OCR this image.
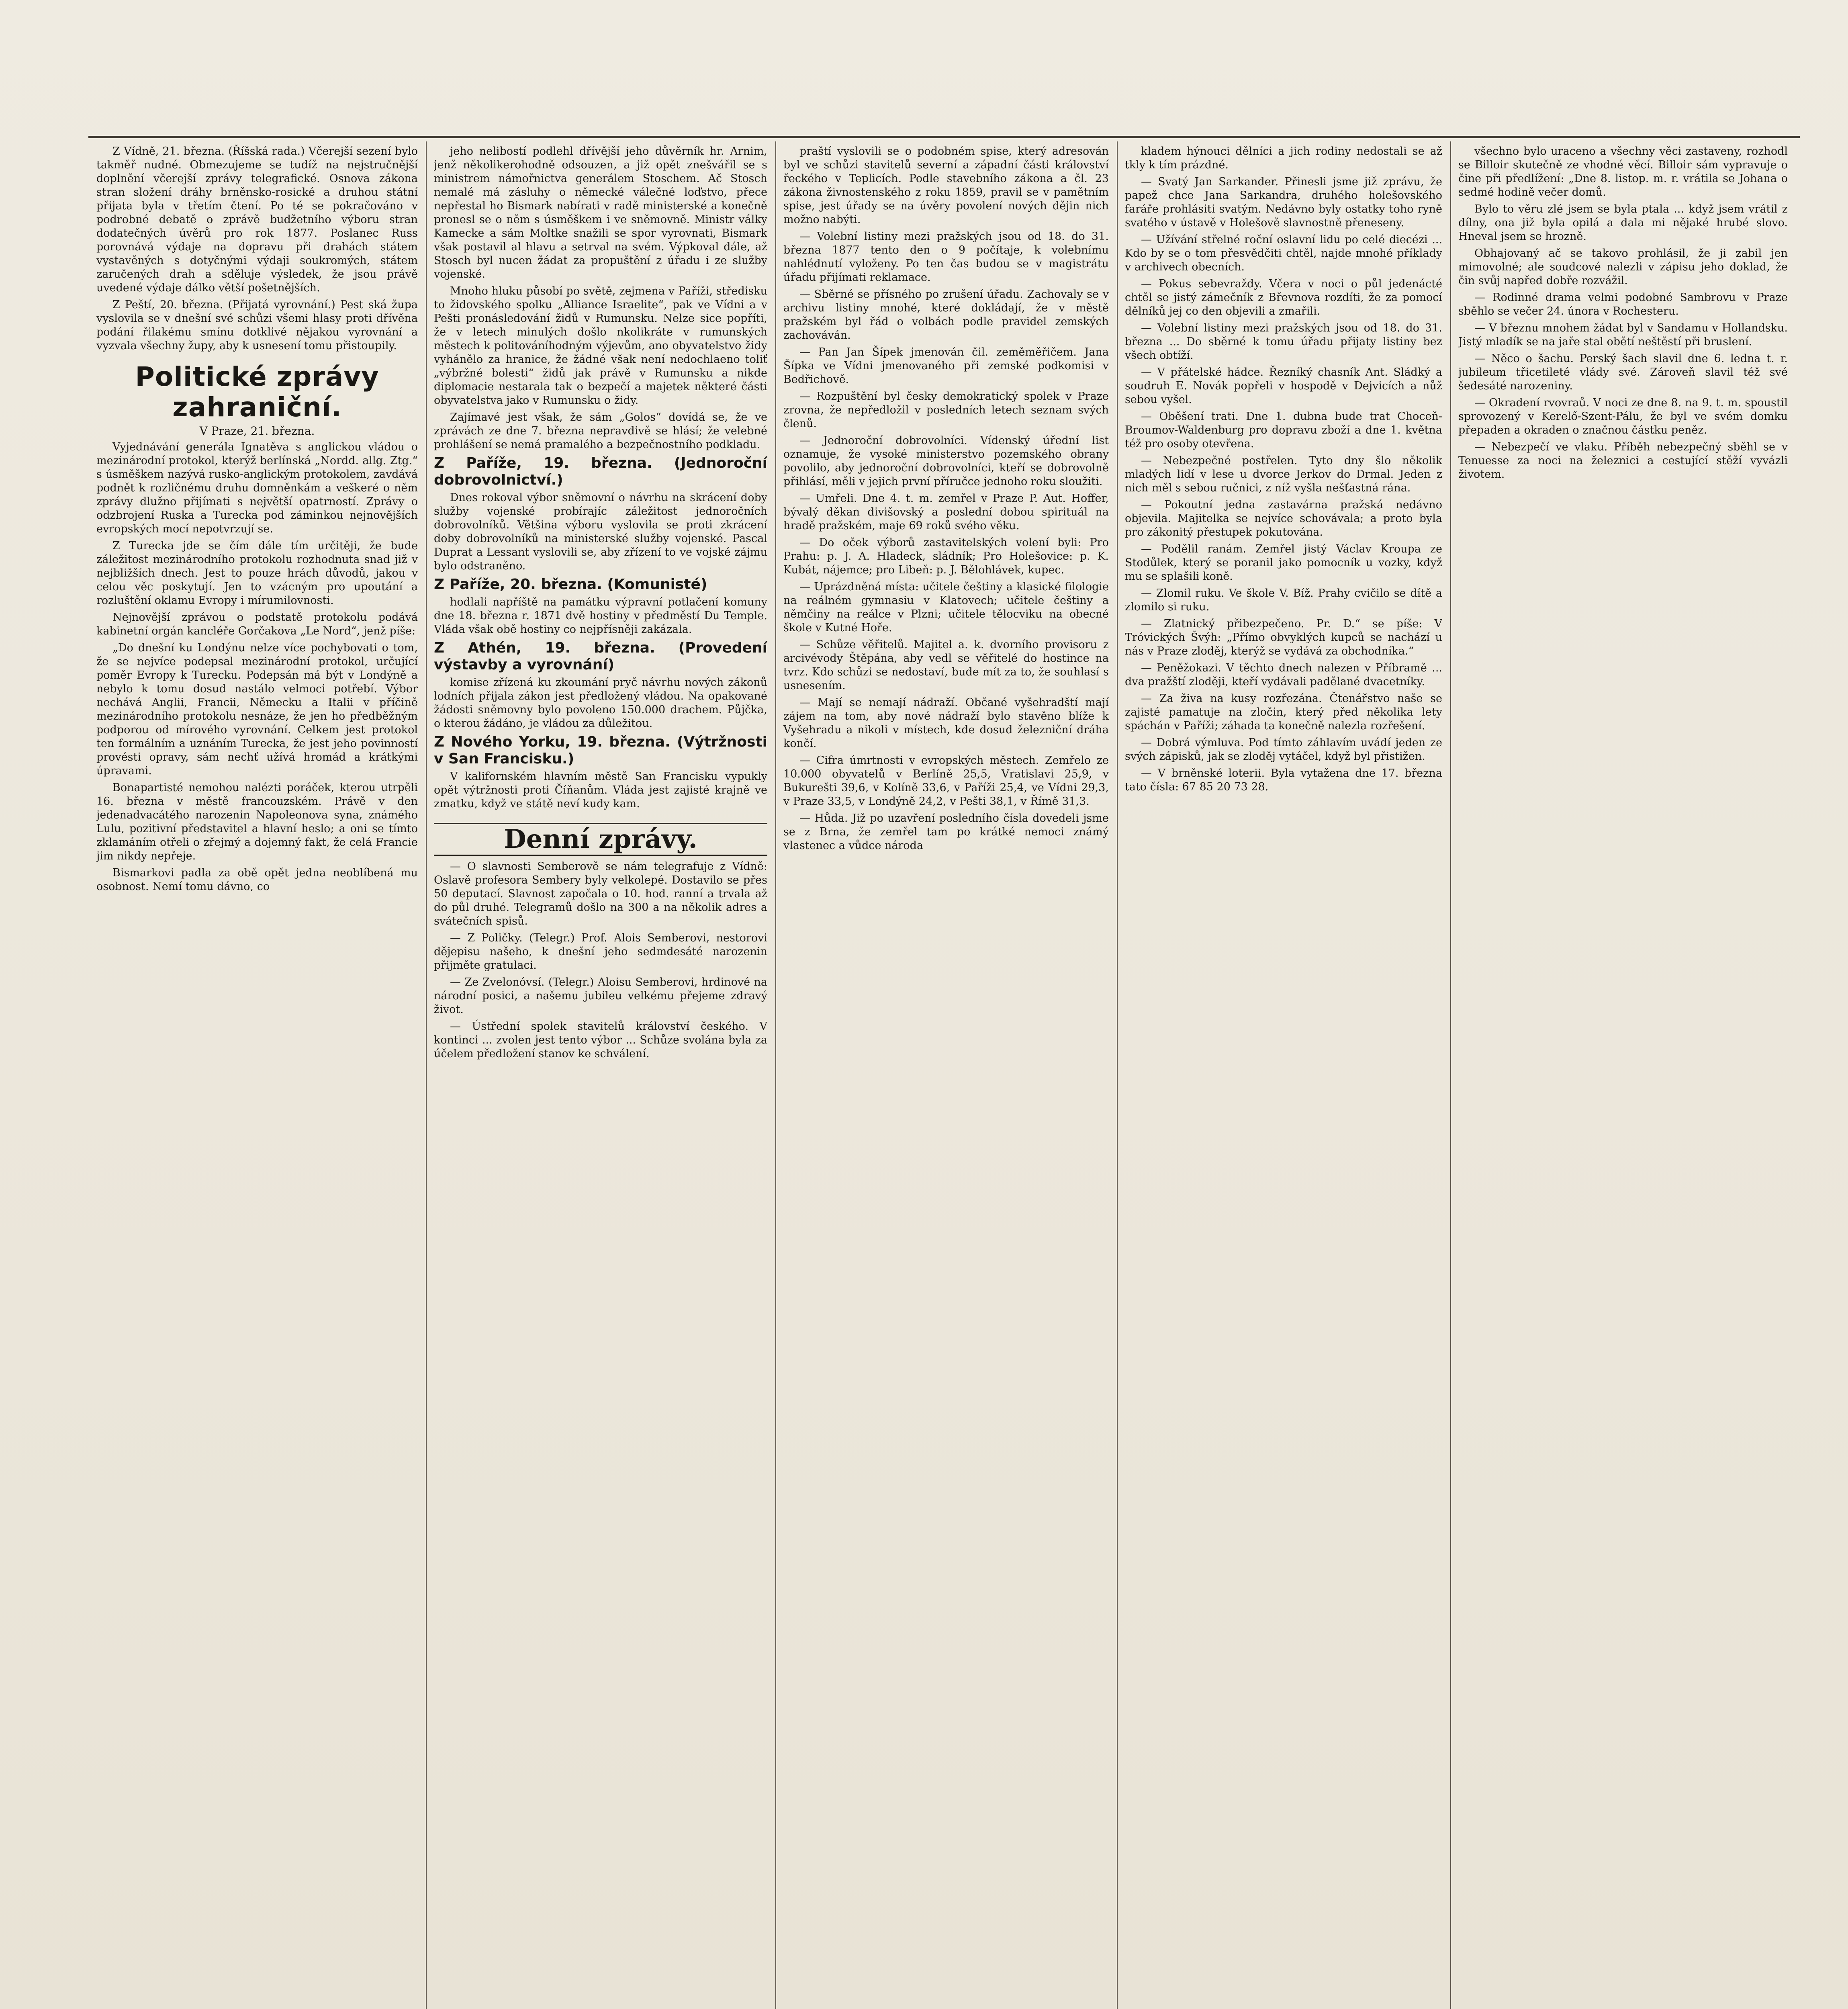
Z Vídně, 21. března. (Říšská rada.) Včerejší sezení bylo takměř nudné. Obmezujeme se tudíž na nejstručnější doplnění včerejší zprávy telegrafické. Osnova zákona stran složení dráhy brněnsko-rosické a druhou státní přijata byla v třetím čtení. Po té se pokračováno v podrobné debatě o zprávě budžetního výboru stran dodatečných úvěrů pro rok 1877. Poslanec Russ porovnává výdaje na dopravu při drahách státem vystavěných s dotyčnými výdaji soukromých, státem zaručených drah a sděluje výsledek, že jsou právě uvedené výdaje dálko větší pošetnějších.

Z Peští, 20. března. (Přijatá vyrovnání.) Pest ská župa vyslovila se v dnešní své schůzi všemi hlasy proti dřívěna podání řilakému smínu dotklivé nějakou vyrovnání a vyzvala všechny župy, aby k usnesení tomu přistoupily.

Politické zprávy zahraniční.
V Praze, 21. března.

Vyjednávání generála Ignatěva s anglickou vládou o mezinárodní protokol, kterýž berlínská „Nordd. allg. Ztg.“ s úsměškem nazývá rusko-anglickým protokolem, zavdává podnět k rozličnému druhu domněnkám a veškeré o něm zprávy dlužno přijímati s největší opatrností. Zprávy o odzbrojení Ruska a Turecka pod záminkou nejnovějších evropských mocí nepotvrzují se.

Z Turecka jde se čím dále tím určitěji, že bude záležitost mezinárodního protokolu rozhodnuta snad již v nejbližších dnech. Jest to pouze hrách důvodů, jakou v celou věc poskytují. Jen to vzácným pro upoutání a rozluštění oklamu Evropy i mírumilovnosti.

Nejnovější zprávou o podstatě protokolu podává kabinetní orgán kancléře Gorčakova „Le Nord“, jenž píše:

„Do dnešní ku Londýnu nelze více pochybovati o tom, že se nejvíce podepsal mezinárodní protokol, určující poměr Evropy k Turecku. Podepsán má být v Londýně a nebylo k tomu dosud nastálo velmoci potřebí. Výbor nechává Anglii, Francii, Německu a Italii v příčině mezinárodního protokolu nesnáze, že jen ho předběžným podporou od mírového vyrovnání. Celkem jest protokol ten formálním a uznáním Turecka, že jest jeho povinností provésti opravy, sám nechť užívá hromád a krátkými úpravami.

Bonapartisté nemohou nalézti poráček, kterou utrpěli 16. března v městě francouzském. Právě v den jedenadvacátého narozenin Napoleonova syna, známého Lulu, pozitivní představitel a hlavní heslo; a oni se tímto zklamáním otřeli o zřejmý a dojemný fakt, že celá Francie jim nikdy nepřeje.

Bismarkovi padla za obě opět jedna neoblíbená mu osobnost. Nemí tomu dávno, co

jeho nelibostí podlehl dřívější jeho důvěrník hr. Arnim, jenž několikerohodně odsouzen, a již opět znešvářil se s ministrem námořnictva generálem Stoschem. Ač Stosch nemalé má zásluhy o německé válečné loďstvo, přece nepřestal ho Bismark nabírati v radě ministerské a konečně pronesl se o něm s úsměškem i ve sněmovně. Ministr války Kamecke a sám Moltke snažili se spor vyrovnati, Bismark však postavil al hlavu a setrval na svém. Výpkoval dále, až Stosch byl nucen žádat za propuštění z úřadu i ze služby vojenské.

Mnoho hluku působí po světě, zejmena v Paříži, středisku to židovského spolku „Alliance Israelite“, pak ve Vídni a v Pešti pronásledování židů v Rumunsku. Nelze sice popříti, že v letech minulých došlo nkolikráte v rumunských městech k politováníhodným výjevům, ano obyvatelstvo židy vyhánělo za hranice, že žádné však není nedochlaeno toliť „výbržné bolesti“ židů jak právě v Rumunsku a nikde diplomacie nestarala tak o bezpečí a majetek některé části obyvatelstva jako v Rumunsku o židy.

Zajímavé jest však, že sám „Golos“ dovídá se, že ve zprávách ze dne 7. března nepravdivě se hlásí; že velebné prohlášení se nemá pramalého a bezpečnostního podkladu.

Z Paříže, 19. března. (Jednoroční dobrovolnictví.)

Dnes rokoval výbor sněmovní o návrhu na skrácení doby služby vojenské probírajíc záležitost jednoročních dobrovolníků. Většina výboru vyslovila se proti zkrácení doby dobrovolníků na ministerské služby vojenské. Pascal Duprat a Lessant vyslovili se, aby zřízení to ve vojské zájmu bylo odstraněno.

Z Paříže, 20. března. (Komunisté)

hodlali napříště na památku výpravní potlačení komuny dne 18. března r. 1871 dvě hostiny v předměstí Du Temple. Vláda však obě hostiny co nejpřísněji zakázala.

Z Athén, 19. března. (Provedení výstavby a vyrovnání)

komise zřízená ku zkoumání pryč návrhu nových zákonů lodních přijala zákon jest předložený vládou. Na opakované žádosti sněmovny bylo povoleno 150.000 drachem. Půjčka, o kterou žádáno, je vládou za důležitou.

Z Nového Yorku, 19. března. (Výtržnosti v San Francisku.)

V kalifornském hlavním městě San Francisku vypukly opět výtržnosti proti Číňanům. Vláda jest zajisté krajně ve zmatku, když ve státě neví kudy kam.

Denní zprávy.

— O slavnosti Semberově se nám telegrafuje z Vídně: Oslavě profesora Sembery byly velkolepé. Dostavilo se přes 50 deputací. Slavnost započala o 10. hod. ranní a trvala až do půl druhé. Telegramů došlo na 300 a na několik adres a svátečních spisů.

— Z Poličky. (Telegr.) Prof. Alois Semberovi, nestorovi dějepisu našeho, k dnešní jeho sedmdesáté narozenin přijměte gratulaci.

— Ze Zvelonóvsí. (Telegr.) Aloisu Semberovi, hrdinové na národní posici, a našemu jubileu velkému přejeme zdravý život.

— Ústřední spolek stavitelů království českého. V kontinci ... zvolen jest tento výbor ... Schůze svolána byla za účelem předložení stanov ke schválení.

praští vyslovili se o podobném spise, který adresován byl ve schůzi stavitelů severní a západní části království řeckého v Teplicích. Podle stavebního zákona a čl. 23 zákona živnostenského z roku 1859, pravil se v pamětním spise, jest úřady se na úvěry povolení nových dějin nich možno nabýti.

— Volební listiny mezi pražských jsou od 18. do 31. března 1877 tento den o 9 počítaje, k volebnímu nahlédnutí vyloženy. Po ten čas budou se v magistrátu úřadu přijímati reklamace.

— Sběrné se přísného po zrušení úřadu. Zachovaly se v archivu listiny mnohé, které dokládají, že v městě pražském byl řád o volbách podle pravidel zemských zachováván.

— Pan Jan Šípek jmenován čil. zeměměřičem. Jana Šípka ve Vídni jmenovaného při zemské podkomisi v Bedřichově.

— Rozpuštění byl česky demokratický spolek v Praze zrovna, že nepředložil v posledních letech seznam svých členů.

— Jednoroční dobrovolníci. Vídenský úřední list oznamuje, že vysoké ministerstvo pozemského obrany povolilo, aby jednoroční dobrovolníci, kteří se dobrovolně přihlásí, měli v jejich první příručce jednoho roku sloužiti.

— Umřeli. Dne 4. t. m. zemřel v Praze P. Aut. Hoffer, bývalý děkan divišovský a poslední dobou spirituál na hradě pražském, maje 69 roků svého věku.

— Do oček výborů zastavitelských volení byli: Pro Prahu: p. J. A. Hladeck, sládník; Pro Holešovice: p. K. Kubát, nájemce; pro Libeň: p. J. Bělohlávek, kupec.

— Uprázdněná místa: učitele češtiny a klasické filologie na reálném gymnasiu v Klatovech; učitele češtiny a němčiny na reálce v Plzni; učitele tělocviku na obecné škole v Kutné Hoře.

— Schůze věřitelů. Majitel a. k. dvorního provisoru z arcivévody Štěpána, aby vedl se věřitelé do hostince na tvrz. Kdo schůzi se nedostaví, bude mít za to, že souhlasí s usnesením.

— Mají se nemají nádraží. Občané vyšehradští mají zájem na tom, aby nové nádraží bylo stavěno blíže k Vyšehradu a nikoli v místech, kde dosud železniční dráha končí.

— Cifra úmrtnosti v evropských městech. Zemřelo ze 10.000 obyvatelů v Berlíně 25,5, Vratislavi 25,9, v Bukurešti 39,6, v Kolíně 33,6, v Paříži 25,4, ve Vídni 29,3, v Praze 33,5, v Londýně 24,2, v Pešti 38,1, v Římě 31,3.

— Hůda. Již po uzavření posledního čísla dovedeli jsme se z Brna, že zemřel tam po krátké nemoci známý vlastenec a vůdce národa

kladem hýnouci dělníci a jich rodiny nedostali se až tkly k tím prázdné.

— Svatý Jan Sarkander. Přinesli jsme již zprávu, že papež chce Jana Sarkandra, druhého holešovského faráře prohlásiti svatým. Nedávno byly ostatky toho ryně svatého v ústavě v Holešově slavnostně přeneseny.

— Užívání střelné roční oslavní lidu po celé diecézi ... Kdo by se o tom přesvědčiti chtěl, najde mnohé příklady v archivech obecních.

— Pokus sebevraždy. Včera v noci o půl jedenácté chtěl se jistý zámečník z Břevnova rozdíti, že za pomocí dělníků jej co den objevili a zmařili.

— Volební listiny mezi pražských jsou od 18. do 31. března ... Do sběrné k tomu úřadu přijaty listiny bez všech obtíží.

— V přátelské hádce. Řezníký chasník Ant. Sládký a soudruh E. Novák popřeli v hospodě v Dejvicích a nůž sebou vyšel.

— Oběšení trati. Dne 1. dubna bude trat Choceň-Broumov-Waldenburg pro dopravu zboží a dne 1. května též pro osoby otevřena.

— Nebezpečné postřelen. Tyto dny šlo několik mladých lidí v lese u dvorce Jerkov do Drmal. Jeden z nich měl s sebou ručnici, z níž vyšla nešťastná rána.

— Pokoutní jedna zastavárna pražská nedávno objevila. Majitelka se nejvíce schovávala; a proto byla pro zákonitý přestupek pokutována.

— Podělil ranám. Zemřel jistý Václav Kroupa ze Stodůlek, který se poranil jako pomocník u vozky, když mu se splašili koně.

— Zlomil ruku. Ve škole V. Bíž. Prahy cvičilo se dítě a zlomilo si ruku.

— Zlatnický přibezpečeno. Pr. D.“ se píše: V Tróvických Švýh: „Přímo obvyklých kupců se nachází u nás v Praze zloděj, kterýž se vydává za obchodníka.“

— Peněžokazi. V těchto dnech nalezen v Příbramě ... dva pražští zloději, kteří vydávali padělané dvacetníky.

— Za živa na kusy rozřezána. Čtenářstvo naše se zajisté pamatuje na zločin, který před několika lety spáchán v Paříži; záhada ta konečně nalezla rozřešení.

— Dobrá výmluva. Pod tímto záhlavím uvádí jeden ze svých zápisků, jak se zloděj vytáčel, když byl přistižen.

— V brněnské loterii. Byla vytažena dne 17. března tato čísla: 67 85 20 73 28.

všechno bylo uraceno a všechny věci zastaveny, rozhodl se Billoir skutečně ze vhodné věcí. Billoir sám vypravuje o čine při předlížení: „Dne 8. listop. m. r. vrátila se Johana o sedmé hodině večer domů.

Bylo to věru zlé jsem se byla ptala ... když jsem vrátil z dílny, ona již byla opilá a dala mi nějaké hrubé slovo. Hneval jsem se hrozně.

Obhajovaný ač se takovo prohlásil, že ji zabil jen mimovolné; ale soudcové nalezli v zápisu jeho doklad, že čin svůj napřed dobře rozvážil.

— Rodinné drama velmi podobné Sambrovu v Praze sběhlo se večer 24. února v Rochesteru.

— V březnu mnohem žádat byl v Sandamu v Hollandsku. Jistý mladík se na jaře stal obětí neštěstí při bruslení.

— Něco o šachu. Perský šach slavil dne 6. ledna t. r. jubileum třicetileté vlády své. Zároveň slavil též své šedesáté narozeniny.

— Okradení rvovraů. V noci ze dne 8. na 9. t. m. spoustil sprovozený v Kerelő-Szent-Pálu, že byl ve svém domku přepaden a okraden o značnou částku peněz.

— Nebezpečí ve vlaku. Příběh nebezpečný sběhl se v Tenuesse za noci na železnici a cestující stěží vyvázli životem.
